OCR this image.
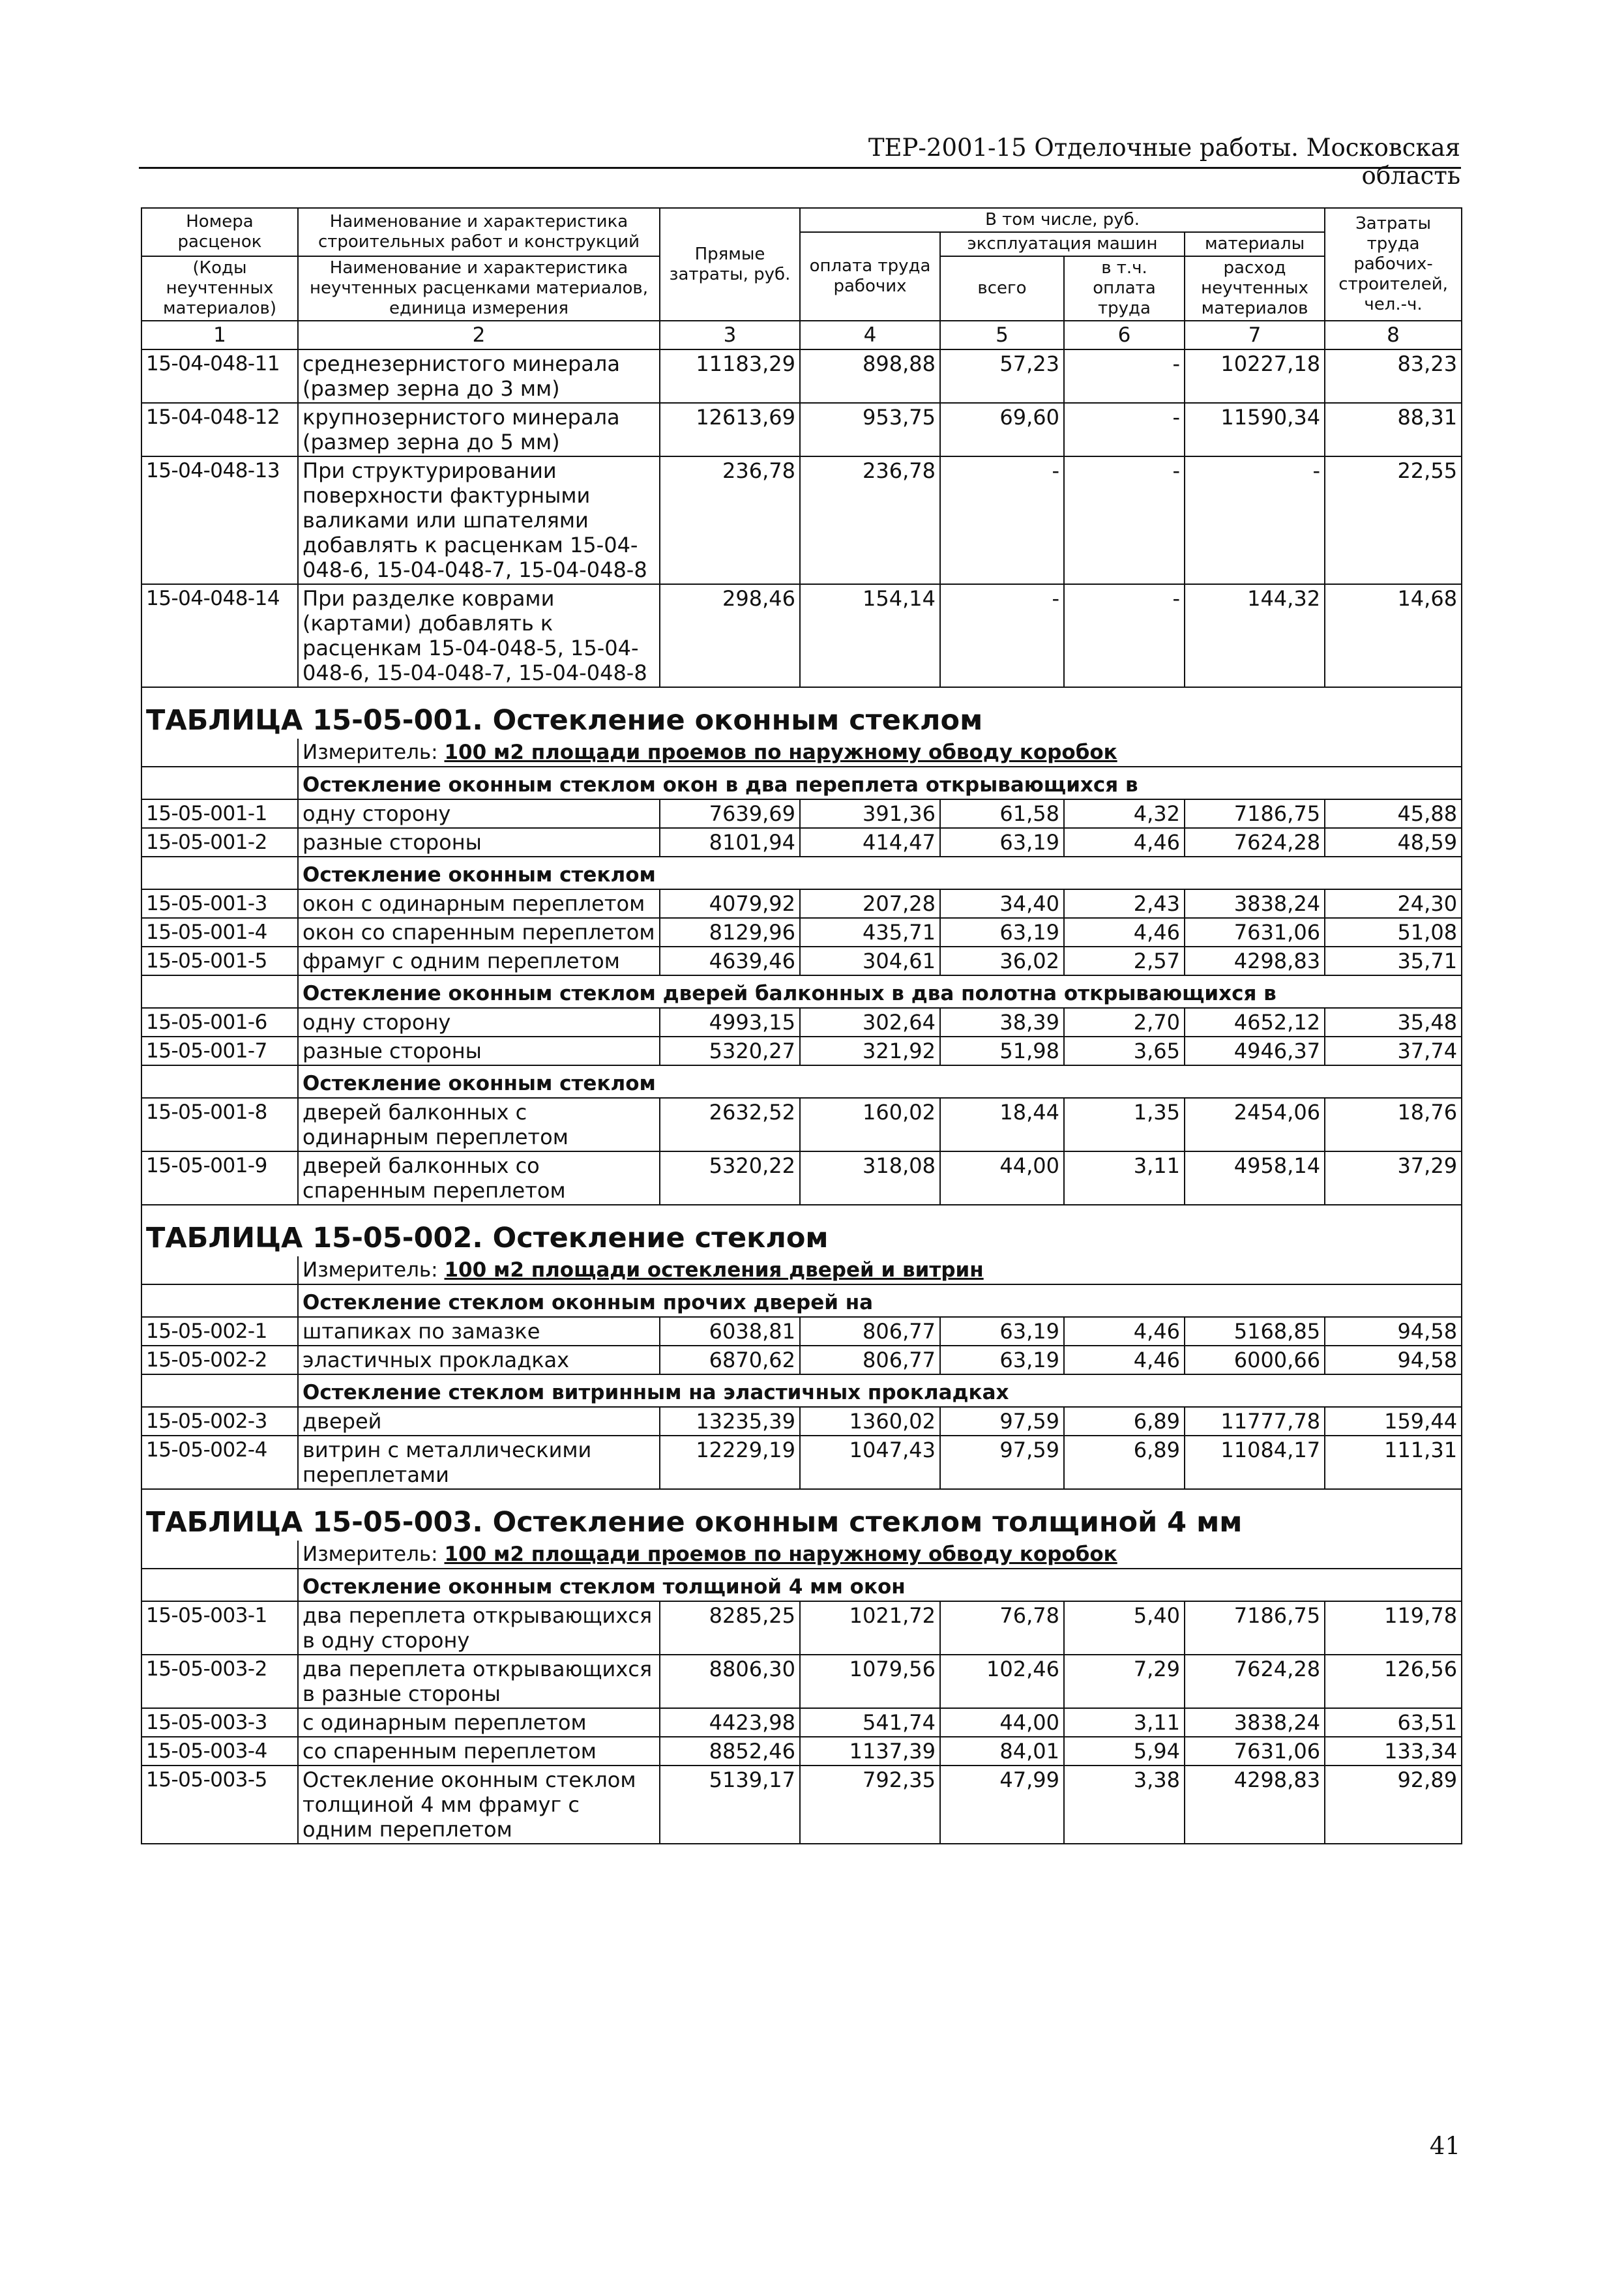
ТЕР-2001-15 Отделочные работы. Московская область
Номера расценок	Наименование и характеристика строительных работ и конструкций	Прямые затраты, руб.	В том числе, руб.				Затраты труда рабочих-строителей, чел.-ч.
			оплата труда рабочих	эксплуатация машин		материалы	
(Коды неучтенных материалов)	Наименование и характеристика неучтенных расценками материалов, единица измерения			всего	в т.ч. оплата труда	расход неучтенных материалов	

1	2	3	4	5	6	7	8
15-04-048-11	среднезернистого минерала (размер зерна до 3 мм)	11183,29	898,88	57,23	-	10227,18	83,23
15-04-048-12	крупнозернистого минерала (размер зерна до 5 мм)	12613,69	953,75	69,60	-	11590,34	88,31
15-04-048-13	При структурировании поверхности фактурными валиками или шпателями добавлять к расценкам 15-04-048-6, 15-04-048-7, 15-04-048-8	236,78	236,78	-	-	-	22,55
15-04-048-14	При разделке коврами (картами) добавлять к расценкам 15-04-048-5, 15-04-048-6, 15-04-048-7, 15-04-048-8	298,46	154,14	-	-	144,32	14,68
ТАБЛИЦА 15-05-001. Остекление оконным стеклом							
	Измеритель: 100 м2 площади проемов по наружному обводу коробок						
	Остекление оконным стеклом окон в два переплета открывающихся в						
15-05-001-1	одну сторону	7639,69	391,36	61,58	4,32	7186,75	45,88
15-05-001-2	разные стороны	8101,94	414,47	63,19	4,46	7624,28	48,59
	Остекление оконным стеклом						
15-05-001-3	окон с одинарным переплетом	4079,92	207,28	34,40	2,43	3838,24	24,30
15-05-001-4	окон со спаренным переплетом	8129,96	435,71	63,19	4,46	7631,06	51,08
15-05-001-5	фрамуг с одним переплетом	4639,46	304,61	36,02	2,57	4298,83	35,71
	Остекление оконным стеклом дверей балконных в два полотна открывающихся в						
15-05-001-6	одну сторону	4993,15	302,64	38,39	2,70	4652,12	35,48
15-05-001-7	разные стороны	5320,27	321,92	51,98	3,65	4946,37	37,74
	Остекление оконным стеклом						
15-05-001-8	дверей балконных с одинарным переплетом	2632,52	160,02	18,44	1,35	2454,06	18,76
15-05-001-9	дверей балконных со спаренным переплетом	5320,22	318,08	44,00	3,11	4958,14	37,29
ТАБЛИЦА 15-05-002. Остекление стеклом							
	Измеритель: 100 м2 площади остекления дверей и витрин						
	Остекление стеклом оконным прочих дверей на						
15-05-002-1	штапиках по замазке	6038,81	806,77	63,19	4,46	5168,85	94,58
15-05-002-2	эластичных прокладках	6870,62	806,77	63,19	4,46	6000,66	94,58
	Остекление стеклом витринным на эластичных прокладках						
15-05-002-3	дверей	13235,39	1360,02	97,59	6,89	11777,78	159,44
15-05-002-4	витрин с металлическими переплетами	12229,19	1047,43	97,59	6,89	11084,17	111,31
ТАБЛИЦА 15-05-003. Остекление оконным стеклом толщиной 4 мм							
	Измеритель: 100 м2 площади проемов по наружному обводу коробок						
	Остекление оконным стеклом толщиной 4 мм окон						
15-05-003-1	два переплета открывающихся в одну сторону	8285,25	1021,72	76,78	5,40	7186,75	119,78
15-05-003-2	два переплета открывающихся в разные стороны	8806,30	1079,56	102,46	7,29	7624,28	126,56
15-05-003-3	с одинарным переплетом	4423,98	541,74	44,00	3,11	3838,24	63,51
15-05-003-4	со спаренным переплетом	8852,46	1137,39	84,01	5,94	7631,06	133,34
15-05-003-5	Остекление оконным стеклом толщиной 4 мм фрамуг с одним переплетом	5139,17	792,35	47,99	3,38	4298,83	92,89
41
